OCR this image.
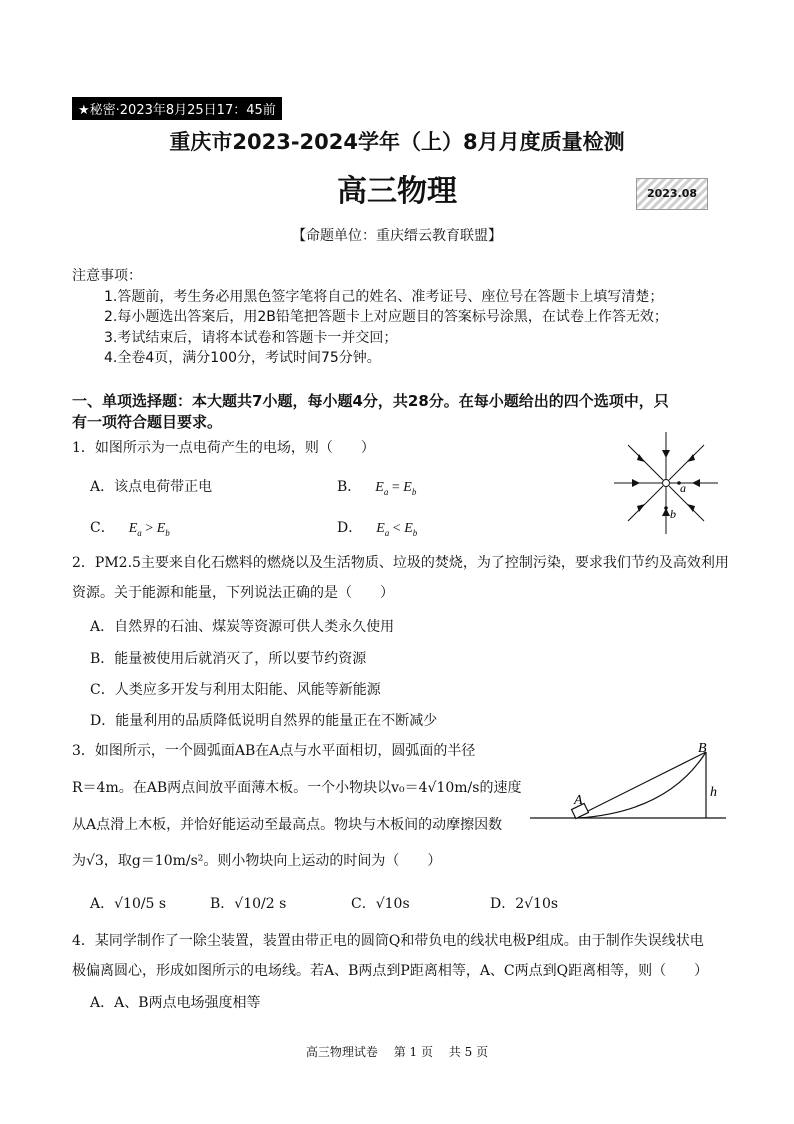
★秘密·2023年8月25日17：45前
重庆市2023-2024学年（上）8月月度质量检测
高三物理	2023.08
【命题单位：重庆缙云教育联盟】
注意事项：
1.答题前，考生务必用黑色签字笔将自己的姓名、准考证号、座位号在答题卡上填写清楚；
2.每小题选出答案后，用2B铅笔把答题卡上对应题目的答案标号涂黑，在试卷上作答无效；
3.考试结束后，请将本试卷和答题卡一并交回；
4.全卷4页，满分100分，考试时间75分钟。
一、单项选择题：本大题共7小题，每小题4分，共28分。在每小题给出的四个选项中，只
有一项符合题目要求。
1．如图所示为一点电荷产生的电场，则（　　）
A．该点电荷带正电	B． $E_a = E_b$
C． $E_a > E_b$	D． $E_a < E_b$
a
b
2．PM2.5主要来自化石燃料的燃烧以及生活物质、垃圾的焚烧，为了控制污染，要求我们节约及高效利用
资源。关于能源和能量，下列说法正确的是（　　）
A．自然界的石油、煤炭等资源可供人类永久使用
B．能量被使用后就消灭了，所以要节约资源
C．人类应多开发与利用太阳能、风能等新能源
D．能量利用的品质降低说明自然界的能量正在不断减少
3．如图所示，一个圆弧面AB在A点与水平面相切，圆弧面的半径
R＝4m。在AB两点间放平面薄木板。一个小物块以v₀＝4√10m/s的速度
从A点滑上木板，并恰好能运动至最高点。物块与木板间的动摩擦因数
为√3，取g＝10m/s²。则小物块向上运动的时间为（　　）
A．√10/5 s	B．√10/2 s	C．√10s	D．2√10s
A
B
h
4．某同学制作了一除尘装置，装置由带正电的圆筒Q和带负电的线状电极P组成。由于制作失误线状电
极偏离圆心，形成如图所示的电场线。若A、B两点到P距离相等，A、C两点到Q距离相等，则（　　）
A．A、B两点电场强度相等
高三物理试卷　 第 1 页　 共 5 页
